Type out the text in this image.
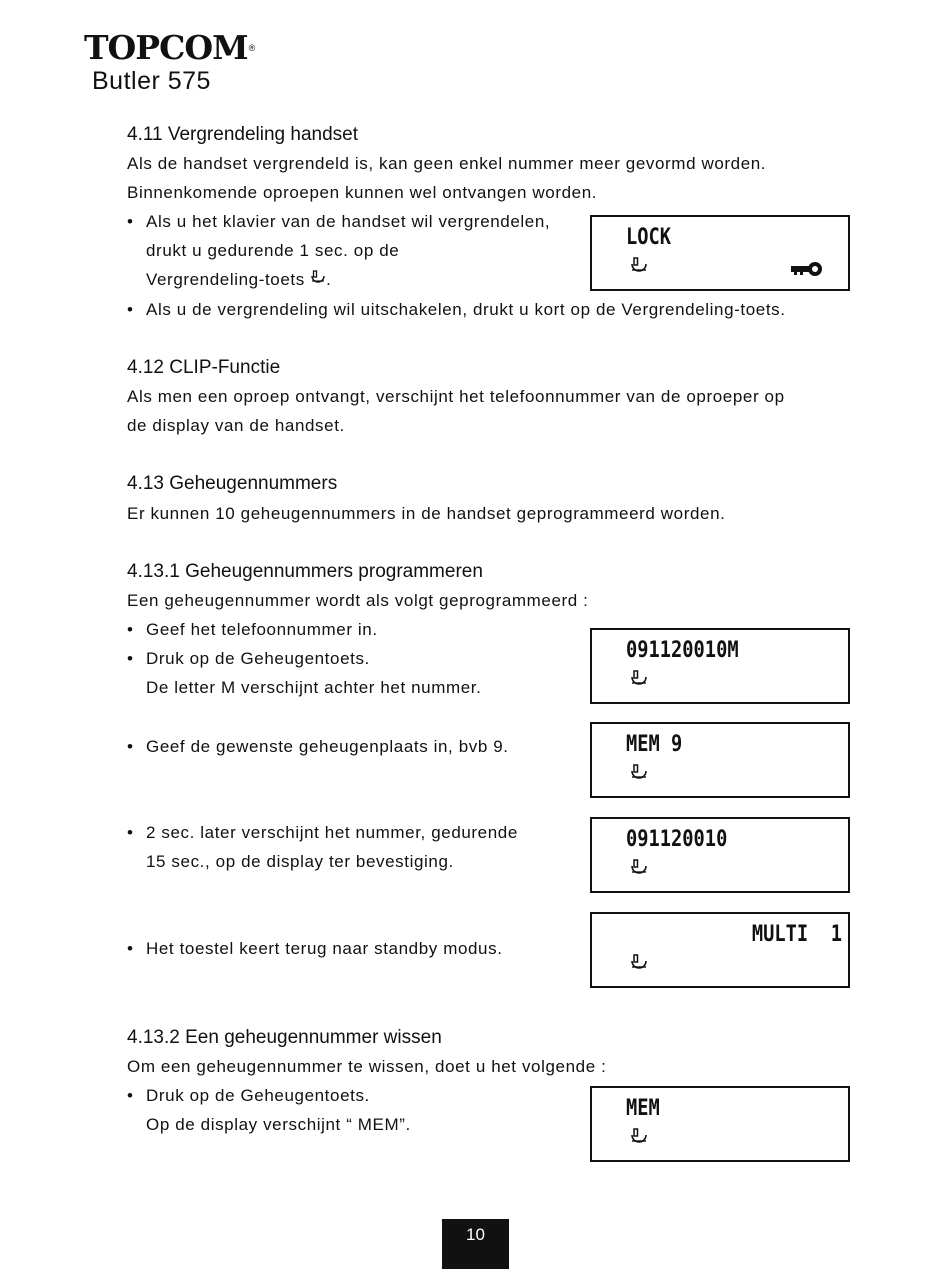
TOPCOM®
Butler 575
4.11 Vergrendeling handset
Als de handset vergrendeld is, kan geen enkel nummer meer gevormd worden.
Binnenkomende oproepen kunnen wel ontvangen worden.
• Als u het klavier van de handset wil vergrendelen,
drukt u gedurende 1 sec. op de
Vergrendeling-toets .
• Als u de vergrendeling wil uitschakelen, drukt u kort op de Vergrendeling-toets.
LOCK
4.12 CLIP-Functie
Als men een oproep ontvangt, verschijnt het telefoonnummer van de oproeper op
de display van de handset.
4.13 Geheugennummers
Er kunnen 10 geheugennummers in de handset geprogrammeerd worden.
4.13.1 Geheugennummers programmeren
Een geheugennummer wordt als volgt geprogrammeerd :
• Geef het telefoonnummer in.
• Druk op de Geheugentoets.
De letter M verschijnt achter het nummer.
• Geef de gewenste geheugenplaats in, bvb 9.
• 2 sec. later verschijnt het nummer, gedurende
15 sec., op de display ter bevestiging.
• Het toestel keert terug naar standby modus.
091120010M
MEM 9
091120010
MULTI  1
4.13.2 Een geheugennummer wissen
Om een geheugennummer te wissen, doet u het volgende :
• Druk op de Geheugentoets.
Op de display verschijnt “ MEM”.
MEM
10
